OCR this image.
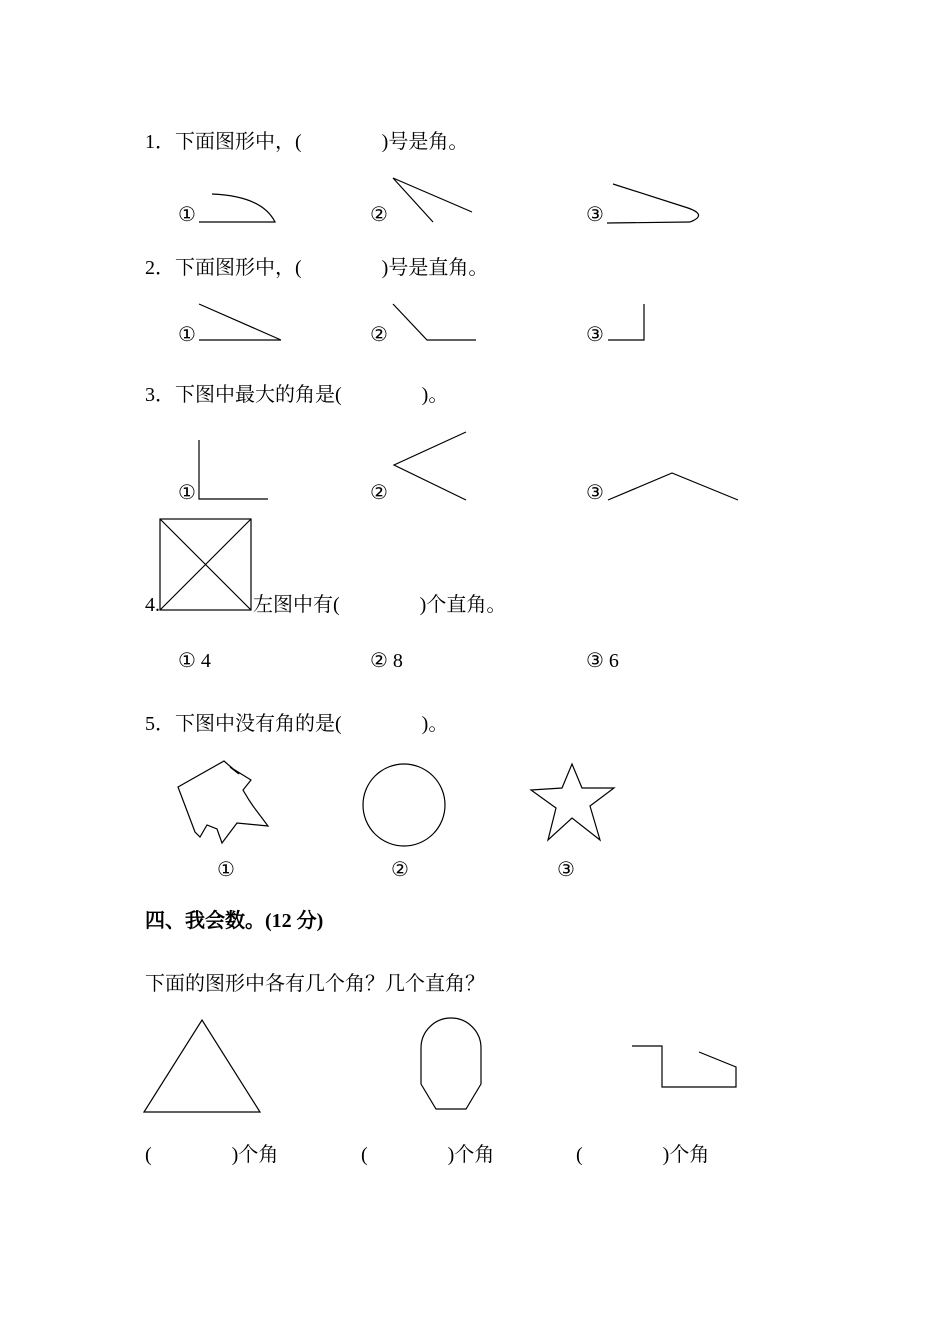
1．下面图形中，(　　　　)号是角。
①	②	③
2．下面图形中，(　　　　)号是直角。
①	②	③
3．下图中最大的角是(　　　　)。
①	②	③
4.	左图中有(　　　　)个直角。
① 4	② 8	③ 6
5．下图中没有角的是(　　　　)。
①	②	③
四、我会数。(12 分)
下面的图形中各有几个角？几个直角？
(　　　　)个角	(　　　　)个角	(　　　　)个角
